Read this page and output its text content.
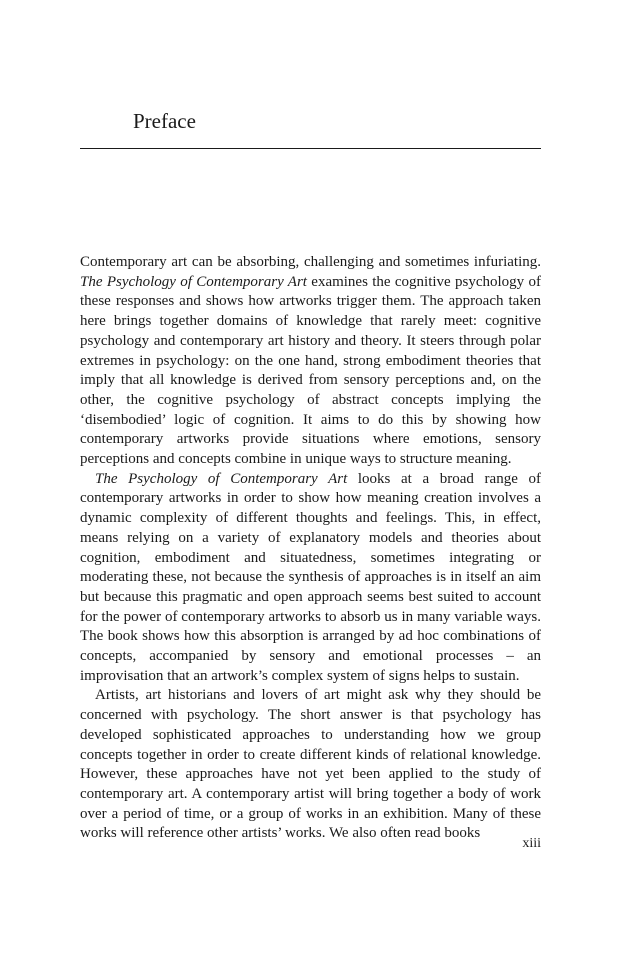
Preface

Contemporary art can be absorbing, challenging and sometimes infuriating. The Psychology of Contemporary Art examines the cognitive psychology of these responses and shows how artworks trigger them. The approach taken here brings together domains of knowledge that rarely meet: cognitive psychology and contemporary art history and theory. It steers through polar extremes in psychology: on the one hand, strong embodiment theories that imply that all knowledge is derived from sensory perceptions and, on the other, the cognitive psychology of abstract concepts implying the ‘disembodied’ logic of cognition. It aims to do this by showing how contemporary artworks provide situations where emotions, sensory perceptions and concepts combine in unique ways to structure meaning.

The Psychology of Contemporary Art looks at a broad range of contemporary artworks in order to show how meaning creation involves a dynamic complexity of different thoughts and feelings. This, in effect, means relying on a variety of explanatory models and theories about cognition, embodiment and situatedness, sometimes integrating or moderating these, not because the synthesis of approaches is in itself an aim but because this pragmatic and open approach seems best suited to account for the power of contemporary artworks to absorb us in many variable ways. The book shows how this absorption is arranged by ad hoc combinations of concepts, accompanied by sensory and emotional processes – an improvisation that an artwork’s complex system of signs helps to sustain.

Artists, art historians and lovers of art might ask why they should be concerned with psychology. The short answer is that psychology has developed sophisticated approaches to understanding how we group concepts together in order to create different kinds of relational knowledge. However, these approaches have not yet been applied to the study of contemporary art. A contemporary artist will bring together a body of work over a period of time, or a group of works in an exhibition. Many of these works will reference other artists’ works. We also often read books

xiii
